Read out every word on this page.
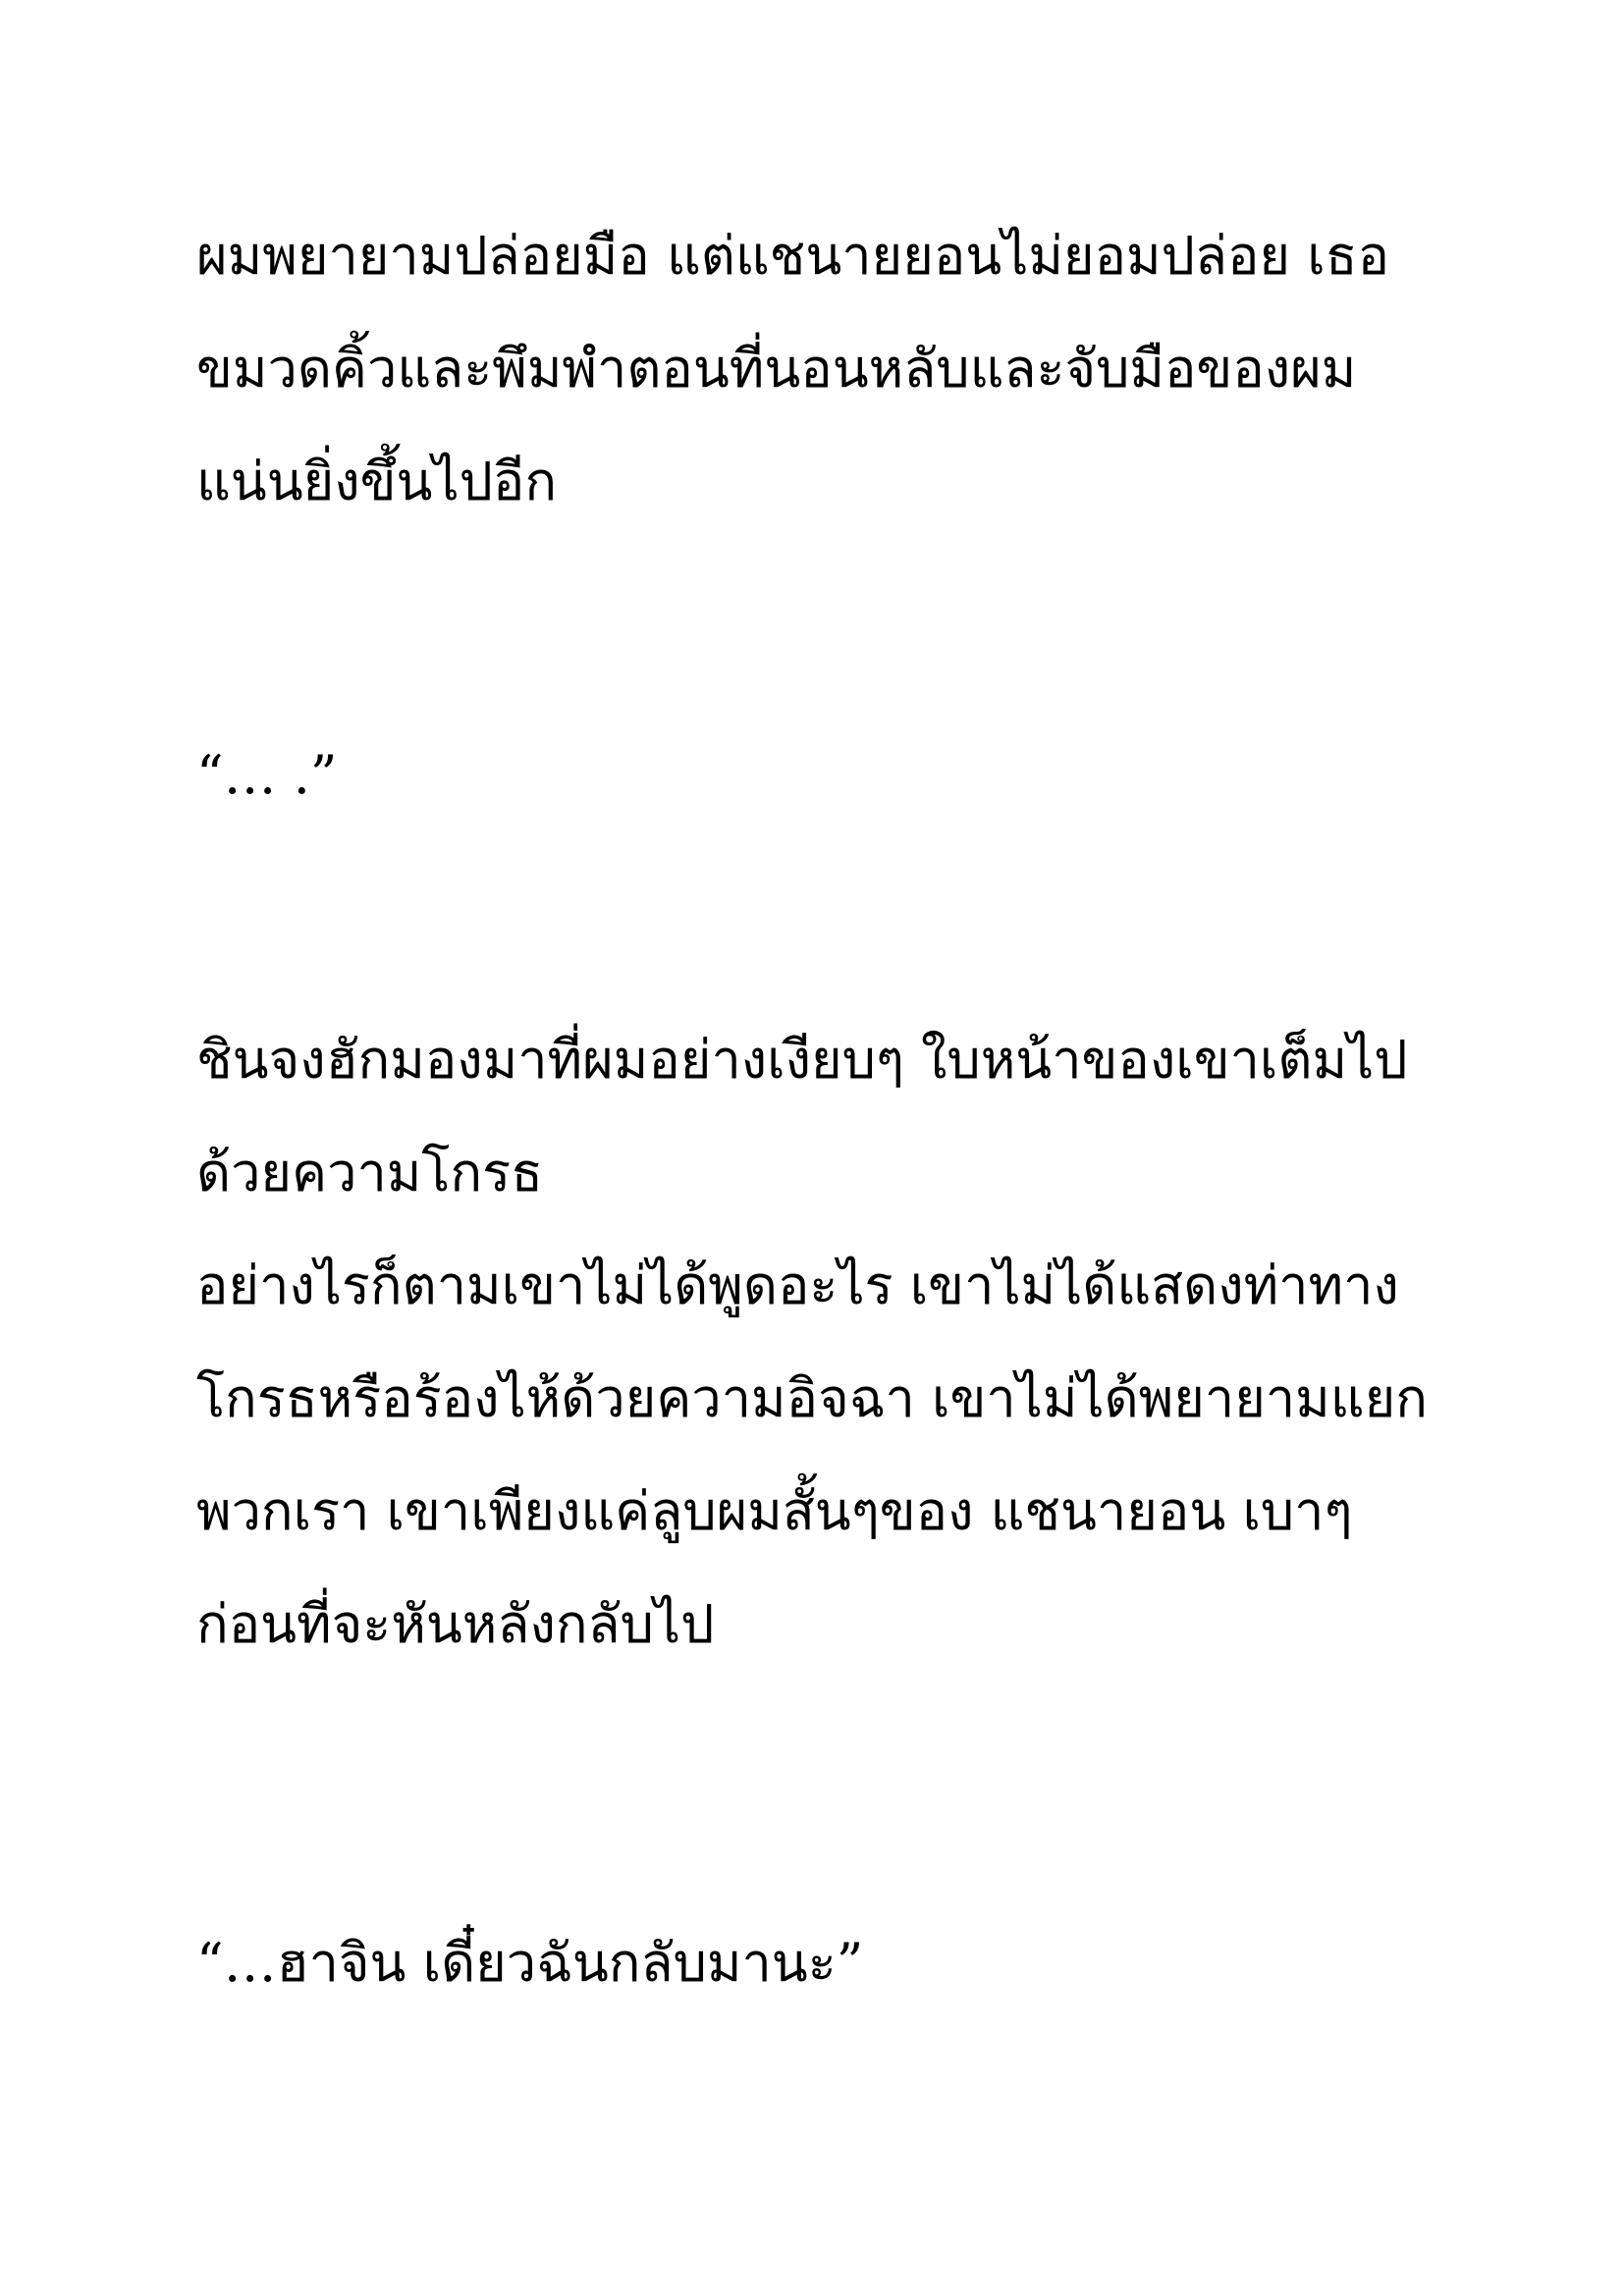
ผมพยายามปล่อยมือ แต่แชนายยอนไม่ยอมปล่อย เธอ
ขมวดคิ้วและพึมพำตอนที่นอนหลับและจับมือของผม
แน่นยิ่งขึ้นไปอีก

“… .”

ชินจงฮักมองมาที่ผมอย่างเงียบๆ ใบหน้าของเขาเต็มไป
ด้วยความโกรธ

อย่างไรก็ตามเขาไม่ได้พูดอะไร เขาไม่ได้แสดงท่าทาง
โกรธหรือร้องไห้ด้วยความอิจฉา เขาไม่ได้พยายามแยก
พวกเรา เขาเพียงแค่ลูบผมสั้นๆของ แชนายอน เบาๆ
ก่อนที่จะหันหลังกลับไป

“…ฮาจิน เดี๋ยวฉันกลับมานะ”
